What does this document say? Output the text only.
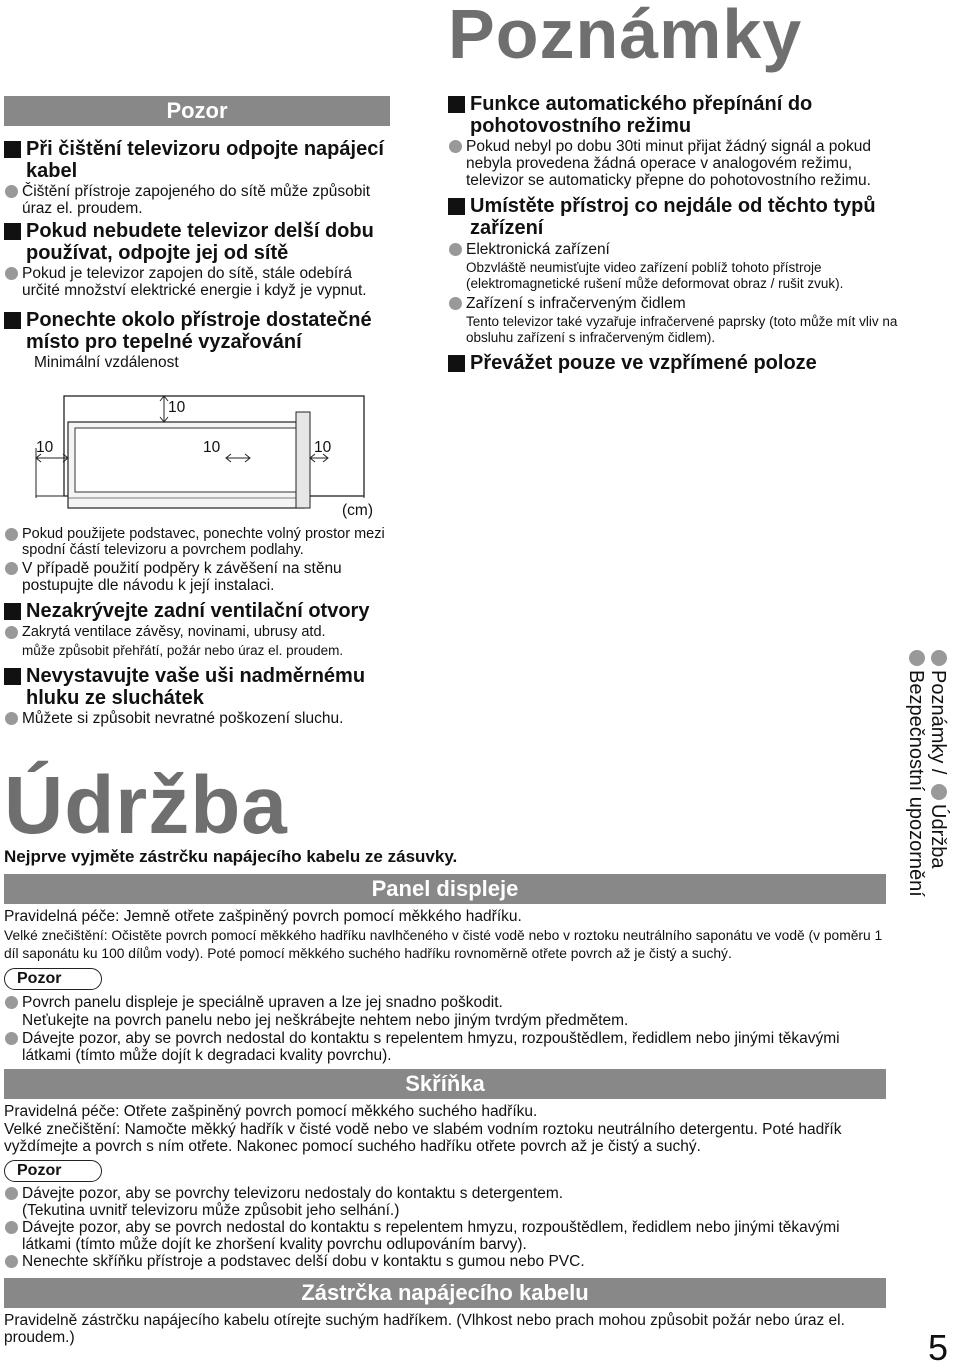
Poznámky
Pozor
Při čištění televizoru odpojte napájecí kabel
Čištění přístroje zapojeného do sítě může způsobit úraz el. proudem.
Pokud nebudete televizor delší dobu používat, odpojte jej od sítě
Pokud je televizor zapojen do sítě, stále odebírá určité množství elektrické energie i když je vypnut.
Ponechte okolo přístroje dostatečné místo pro tepelné vyzařování
Minimální vzdálenost
10
10	10	10
(cm)
Pokud použijete podstavec, ponechte volný prostor mezi spodní částí televizoru a povrchem podlahy.
V případě použití podpěry k závěšení na stěnu postupujte dle návodu k její instalaci.
Nezakrývejte zadní ventilační otvory
Zakrytá ventilace závěsy, novinami, ubrusy atd.
může způsobit přehřátí, požár nebo úraz el. proudem.
Nevystavujte vaše uši nadměrnému hluku ze sluchátek
Můžete si způsobit nevratné poškození sluchu.
Funkce automatického přepínání do pohotovostního režimu
Pokud nebyl po dobu 30ti minut přijat žádný signál a pokud nebyla provedena žádná operace v analogovém režimu, televizor se automaticky přepne do pohotovostního režimu.
Umístěte přístroj co nejdále od těchto typů zařízení
Elektronická zařízení
Obzvláště neumisťujte video zařízení poblíž tohoto přístroje (elektromagnetické rušení může deformovat obraz / rušit zvuk).
Zařízení s infračerveným čidlem
Tento televizor také vyzařuje infračervené paprsky (toto může mít vliv na obsluhu zařízení s infračerveným čidlem).
Převážet pouze ve vzpřímené poloze
Údržba
Nejprve vyjměte zástrčku napájecího kabelu ze zásuvky.
Panel displeje
Pravidelná péče: Jemně otřete zašpiněný povrch pomocí měkkého hadříku.
Velké znečištění: Očistěte povrch pomocí měkkého hadříku navlhčeného v čisté vodě nebo v roztoku neutrálního saponátu ve vodě (v poměru 1 díl saponátu ku 100 dílům vody). Poté pomocí měkkého suchého hadříku rovnoměrně otřete povrch až je čistý a suchý.
Pozor
Povrch panelu displeje je speciálně upraven a lze jej snadno poškodit.
Neťukejte na povrch panelu nebo jej neškrábejte nehtem nebo jiným tvrdým předmětem.
Dávejte pozor, aby se povrch nedostal do kontaktu s repelentem hmyzu, rozpouštědlem, ředidlem nebo jinými těkavými látkami (tímto může dojít k degradaci kvality povrchu).
Skříňka
Pravidelná péče: Otřete zašpiněný povrch pomocí měkkého suchého hadříku.
Velké znečištění: Namočte měkký hadřík v čisté vodě nebo ve slabém vodním roztoku neutrálního detergentu. Poté hadřík vyždímejte a povrch s ním otřete. Nakonec pomocí suchého hadříku otřete povrch až je čistý a suchý.
Pozor
Dávejte pozor, aby se povrchy televizoru nedostaly do kontaktu s detergentem.
(Tekutina uvnitř televizoru může způsobit jeho selhání.)
Dávejte pozor, aby se povrch nedostal do kontaktu s repelentem hmyzu, rozpouštědlem, ředidlem nebo jinými těkavými látkami (tímto může dojít ke zhoršení kvality povrchu odlupováním barvy).
Nenechte skříňku přístroje a podstavec delší dobu v kontaktu s gumou nebo PVC.
Zástrčka napájecího kabelu
Pravidelně zástrčku napájecího kabelu otírejte suchým hadříkem. (Vlhkost nebo prach mohou způsobit požár nebo úraz el. proudem.)
Poznámky / Údržba
Bezpečnostní upozornění
5
